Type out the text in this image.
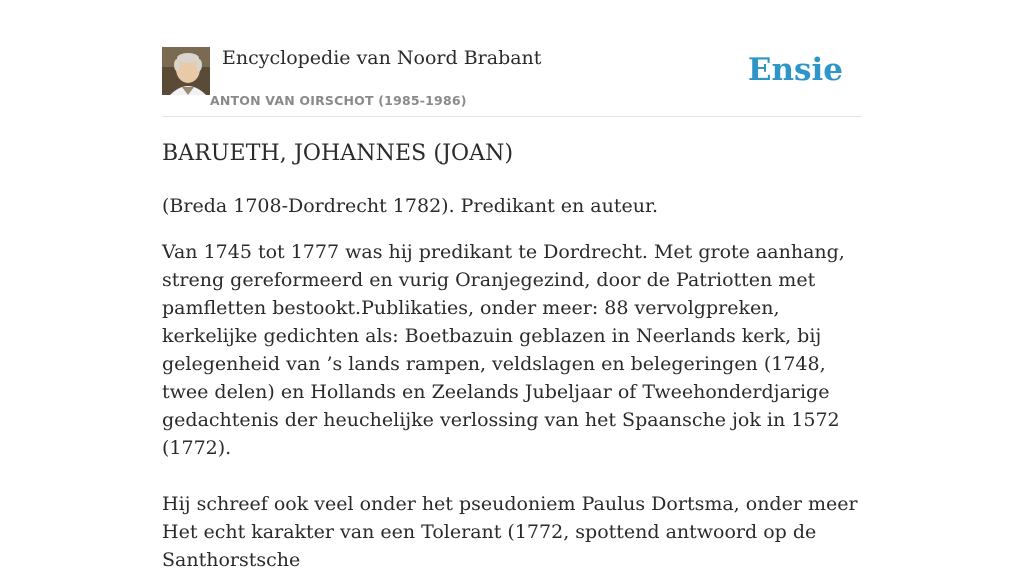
Encyclopedie van Noord Brabant
ANTON VAN OIRSCHOT (1985-1986)
Ensie
BARUETH, JOHANNES (JOAN)

(Breda 1708-Dordrecht 1782). Predikant en auteur.

Van 1745 tot 1777 was hij predikant te Dordrecht. Met grote aanhang, streng gereformeerd en vurig Oranjegezind, door de Patriotten met pamfletten bestookt.Publikaties, onder meer: 88 vervolgpreken, kerkelijke gedichten als: Boetbazuin geblazen in Neerlands kerk, bij gelegenheid van ’s lands rampen, veldslagen en belegeringen (1748, twee delen) en Hollands en Zeelands Jubeljaar of Tweehonderdjarige gedachtenis der heuchelijke verlossing van het Spaansche jok in 1572 (1772).

Hij schreef ook veel onder het pseudoniem Paulus Dortsma, onder meer Het echt karakter van een Tolerant (1772, spottend antwoord op de Santhorstsche
